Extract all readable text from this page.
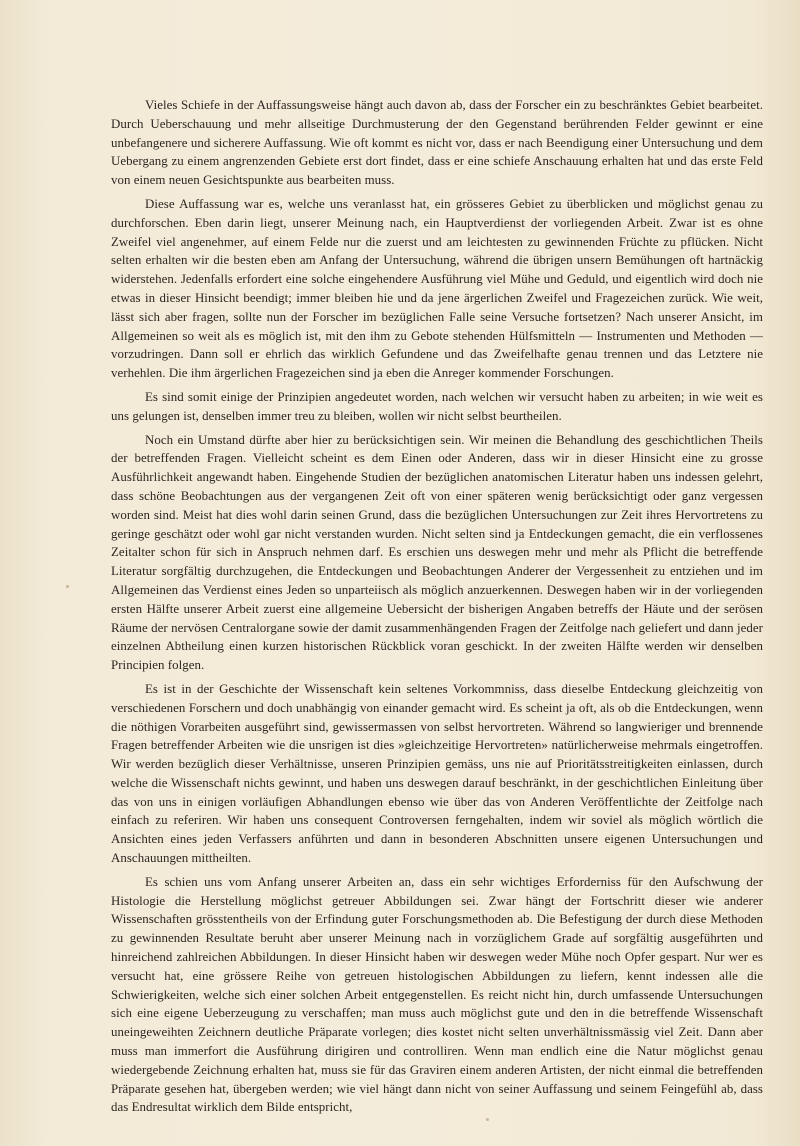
Vieles Schiefe in der Auffassungsweise hängt auch davon ab, dass der Forscher ein zu beschränktes Gebiet bearbeitet. Durch Ueberschauung und mehr allseitige Durchmusterung der den Gegenstand berührenden Felder gewinnt er eine unbefangenere und sicherere Auffassung. Wie oft kommt es nicht vor, dass er nach Beendigung einer Untersuchung und dem Uebergang zu einem angrenzenden Gebiete erst dort findet, dass er eine schiefe Anschauung erhalten hat und das erste Feld von einem neuen Gesichtspunkte aus bearbeiten muss.

Diese Auffassung war es, welche uns veranlasst hat, ein grösseres Gebiet zu überblicken und möglichst genau zu durchforschen. Eben darin liegt, unserer Meinung nach, ein Hauptverdienst der vorliegenden Arbeit. Zwar ist es ohne Zweifel viel angenehmer, auf einem Felde nur die zuerst und am leichtesten zu gewinnenden Früchte zu pflücken. Nicht selten erhalten wir die besten eben am Anfang der Untersuchung, während die übrigen unsern Bemühungen oft hartnäckig widerstehen. Jedenfalls erfordert eine solche eingehendere Ausführung viel Mühe und Geduld, und eigentlich wird doch nie etwas in dieser Hinsicht beendigt; immer bleiben hie und da jene ärgerlichen Zweifel und Fragezeichen zurück. Wie weit, lässt sich aber fragen, sollte nun der Forscher im bezüglichen Falle seine Versuche fortsetzen? Nach unserer Ansicht, im Allgemeinen so weit als es möglich ist, mit den ihm zu Gebote stehenden Hülfsmitteln — Instrumenten und Methoden — vorzudringen. Dann soll er ehrlich das wirklich Gefundene und das Zweifelhafte genau trennen und das Letztere nie verhehlen. Die ihm ärgerlichen Fragezeichen sind ja eben die Anreger kommender Forschungen.

Es sind somit einige der Prinzipien angedeutet worden, nach welchen wir versucht haben zu arbeiten; in wie weit es uns gelungen ist, denselben immer treu zu bleiben, wollen wir nicht selbst beurtheilen.

Noch ein Umstand dürfte aber hier zu berücksichtigen sein. Wir meinen die Behandlung des geschichtlichen Theils der betreffenden Fragen. Vielleicht scheint es dem Einen oder Anderen, dass wir in dieser Hinsicht eine zu grosse Ausführlichkeit angewandt haben. Eingehende Studien der bezüglichen anatomischen Literatur haben uns indessen gelehrt, dass schöne Beobachtungen aus der vergangenen Zeit oft von einer späteren wenig berücksichtigt oder ganz vergessen worden sind. Meist hat dies wohl darin seinen Grund, dass die bezüglichen Untersuchungen zur Zeit ihres Hervortretens zu geringe geschätzt oder wohl gar nicht verstanden wurden. Nicht selten sind ja Entdeckungen gemacht, die ein verflossenes Zeitalter schon für sich in Anspruch nehmen darf. Es erschien uns deswegen mehr und mehr als Pflicht die betreffende Literatur sorgfältig durchzugehen, die Entdeckungen und Beobachtungen Anderer der Vergessenheit zu entziehen und im Allgemeinen das Verdienst eines Jeden so unparteiisch als möglich anzuerkennen. Deswegen haben wir in der vorliegenden ersten Hälfte unserer Arbeit zuerst eine allgemeine Uebersicht der bisherigen Angaben betreffs der Häute und der serösen Räume der nervösen Centralorgane sowie der damit zusammenhängenden Fragen der Zeitfolge nach geliefert und dann jeder einzelnen Abtheilung einen kurzen historischen Rückblick voran geschickt. In der zweiten Hälfte werden wir denselben Principien folgen.

Es ist in der Geschichte der Wissenschaft kein seltenes Vorkommniss, dass dieselbe Entdeckung gleichzeitig von verschiedenen Forschern und doch unabhängig von einander gemacht wird. Es scheint ja oft, als ob die Entdeckungen, wenn die nöthigen Vorarbeiten ausgeführt sind, gewissermassen von selbst hervortreten. Während so langwieriger und brennende Fragen betreffender Arbeiten wie die unsrigen ist dies »gleichzeitige Hervortreten» natürlicherweise mehrmals eingetroffen. Wir werden bezüglich dieser Verhältnisse, unseren Prinzipien gemäss, uns nie auf Prioritätsstreitigkeiten einlassen, durch welche die Wissenschaft nichts gewinnt, und haben uns deswegen darauf beschränkt, in der geschichtlichen Einleitung über das von uns in einigen vorläufigen Abhandlungen ebenso wie über das von Anderen Veröffentlichte der Zeitfolge nach einfach zu referiren. Wir haben uns consequent Controversen ferngehalten, indem wir soviel als möglich wörtlich die Ansichten eines jeden Verfassers anführten und dann in besonderen Abschnitten unsere eigenen Untersuchungen und Anschauungen mittheilten.

Es schien uns vom Anfang unserer Arbeiten an, dass ein sehr wichtiges Erforderniss für den Aufschwung der Histologie die Herstellung möglichst getreuer Abbildungen sei. Zwar hängt der Fortschritt dieser wie anderer Wissenschaften grösstentheils von der Erfindung guter Forschungsmethoden ab. Die Befestigung der durch diese Methoden zu gewinnenden Resultate beruht aber unserer Meinung nach in vorzüglichem Grade auf sorgfältig ausgeführten und hinreichend zahlreichen Abbildungen. In dieser Hinsicht haben wir deswegen weder Mühe noch Opfer gespart. Nur wer es versucht hat, eine grössere Reihe von getreuen histologischen Abbildungen zu liefern, kennt indessen alle die Schwierigkeiten, welche sich einer solchen Arbeit entgegenstellen. Es reicht nicht hin, durch umfassende Untersuchungen sich eine eigene Ueberzeugung zu verschaffen; man muss auch möglichst gute und den in die betreffende Wissenschaft uneingeweihten Zeichnern deutliche Präparate vorlegen; dies kostet nicht selten unverhältnissmässig viel Zeit. Dann aber muss man immerfort die Ausführung dirigiren und controlliren. Wenn man endlich eine die Natur möglichst genau wiedergebende Zeichnung erhalten hat, muss sie für das Graviren einem anderen Artisten, der nicht einmal die betreffenden Präparate gesehen hat, übergeben werden; wie viel hängt dann nicht von seiner Auffassung und seinem Feingefühl ab, dass das Endresultat wirklich dem Bilde entspricht,
